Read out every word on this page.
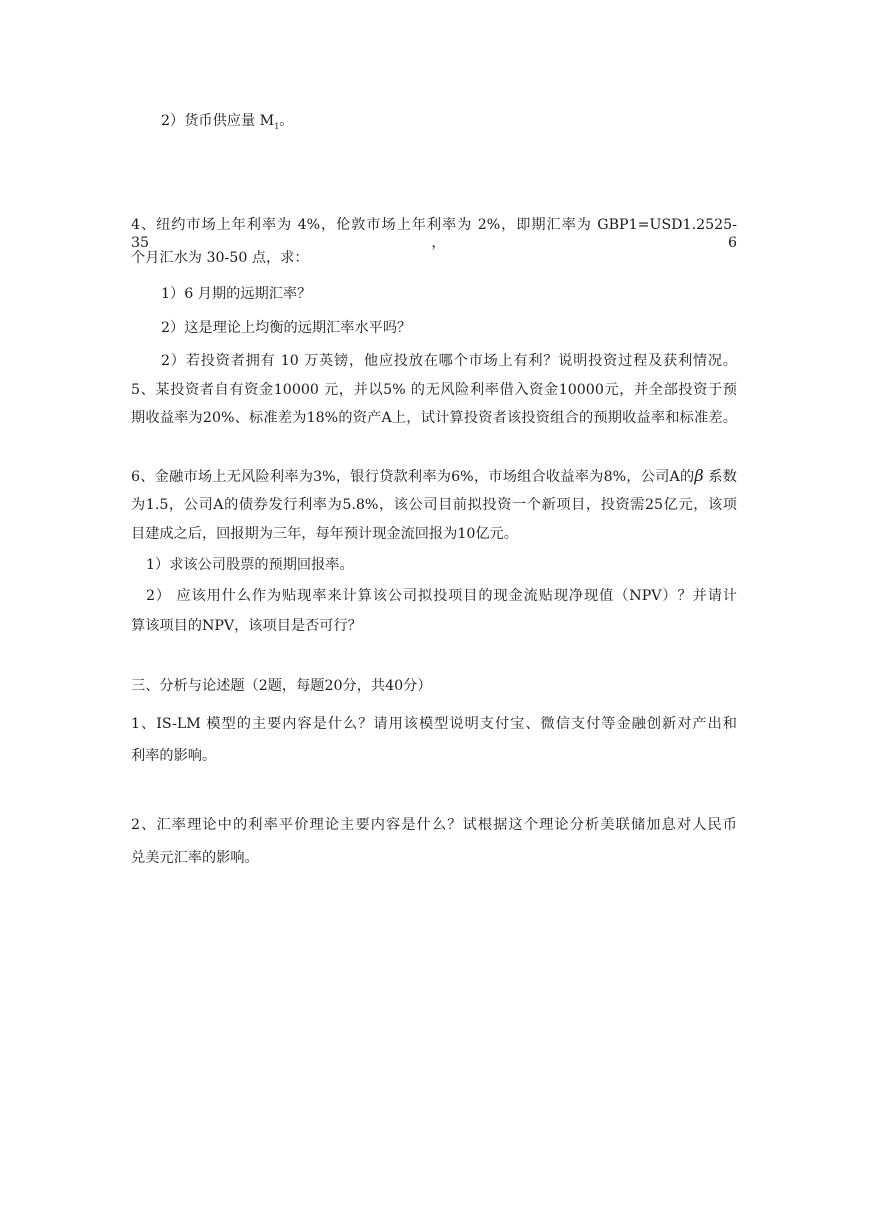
2）货币供应量 $M_1$。
4、纽约市场上年利率为 4%，伦敦市场上年利率为 2%，即期汇率为 GBP1=USD1.2525-35，6
个月汇水为 30-50 点，求：
1）6 月期的远期汇率？
2）这是理论上均衡的远期汇率水平吗？
2）若投资者拥有 10 万英镑，他应投放在哪个市场上有利？说明投资过程及获利情况。
5、某投资者自有资金10000 元，并以5% 的无风险利率借入资金10000元，并全部投资于预
期收益率为20%、标准差为18%的资产A上，试计算投资者该投资组合的预期收益率和标准差。
6、金融市场上无风险利率为3%，银行贷款利率为6%，市场组合收益率为8%，公司A的β 系数
为1.5，公司A的债券发行利率为5.8%，该公司目前拟投资一个新项目，投资需25亿元，该项
目建成之后，回报期为三年，每年预计现金流回报为10亿元。
1）求该公司股票的预期回报率。
2） 应该用什么作为贴现率来计算该公司拟投项目的现金流贴现净现值（NPV）？并请计
算该项目的NPV，该项目是否可行？
三、分析与论述题（2题，每题20分，共40分）
1、IS-LM 模型的主要内容是什么？请用该模型说明支付宝、微信支付等金融创新对产出和
利率的影响。
2、汇率理论中的利率平价理论主要内容是什么？试根据这个理论分析美联储加息对人民币
兑美元汇率的影响。
